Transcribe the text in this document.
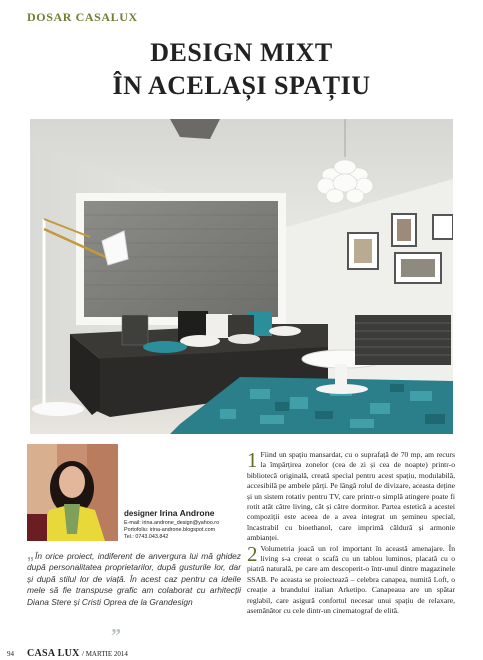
DOSAR CASALUX
DESIGN MIXT
ÎN ACELAȘI SPAȚIU
designer Irina Androne
E-mail: irina.androne_design@yahoo.ro
Portofoliu: irina-androne.blogspot.com
Tel.: 0743.043.842
„În orice proiect, indiferent de anvergura lui mă ghidez după personalitatea proprietarilor, după gusturile lor, dar și după stilul lor de viață. În acest caz pentru ca ideile mele să fie transpuse grafic am colaborat cu arhitecții Diana Stere și Cristi Oprea de la Grandesign
”

1 Fiind un spațiu mansardat, cu o suprafață de 70 mp, am recurs la împărțirea zonelor (cea de zi și cea de noapte) printr-o bibliotecă originală, creată special pentru acest spațiu, modulabilă, accesibilă pe ambele părți. Pe lângă rolul de divizare, aceasta deține și un sistem rotativ pentru TV, care printr-o simplă atingere poate fi rotit atât către living, cât și către dormitor. Partea estetică a acestei compoziții este aceea de a avea integrat un șemineu special, încastrabil cu bioethanol, care imprimă căldură și armonie ambianței.

2 Volumetria joacă un rol important în această amenajare. În living s-a creeat o scafă cu un tablou luminos, placată cu o piatră naturală, pe care am descoperit-o într-unul dintre magazinele SSAB. Pe aceasta se proiectează – celebra canapea, numită Loft, o creație a brandului italian Arketipo. Canapeaua are un spătar reglabil, care asigură confortul necesar unui spațiu de relaxare, asemănător cu cele dintr-un cinematograf de elită.

94 CASA LUX / MARTIE 2014
